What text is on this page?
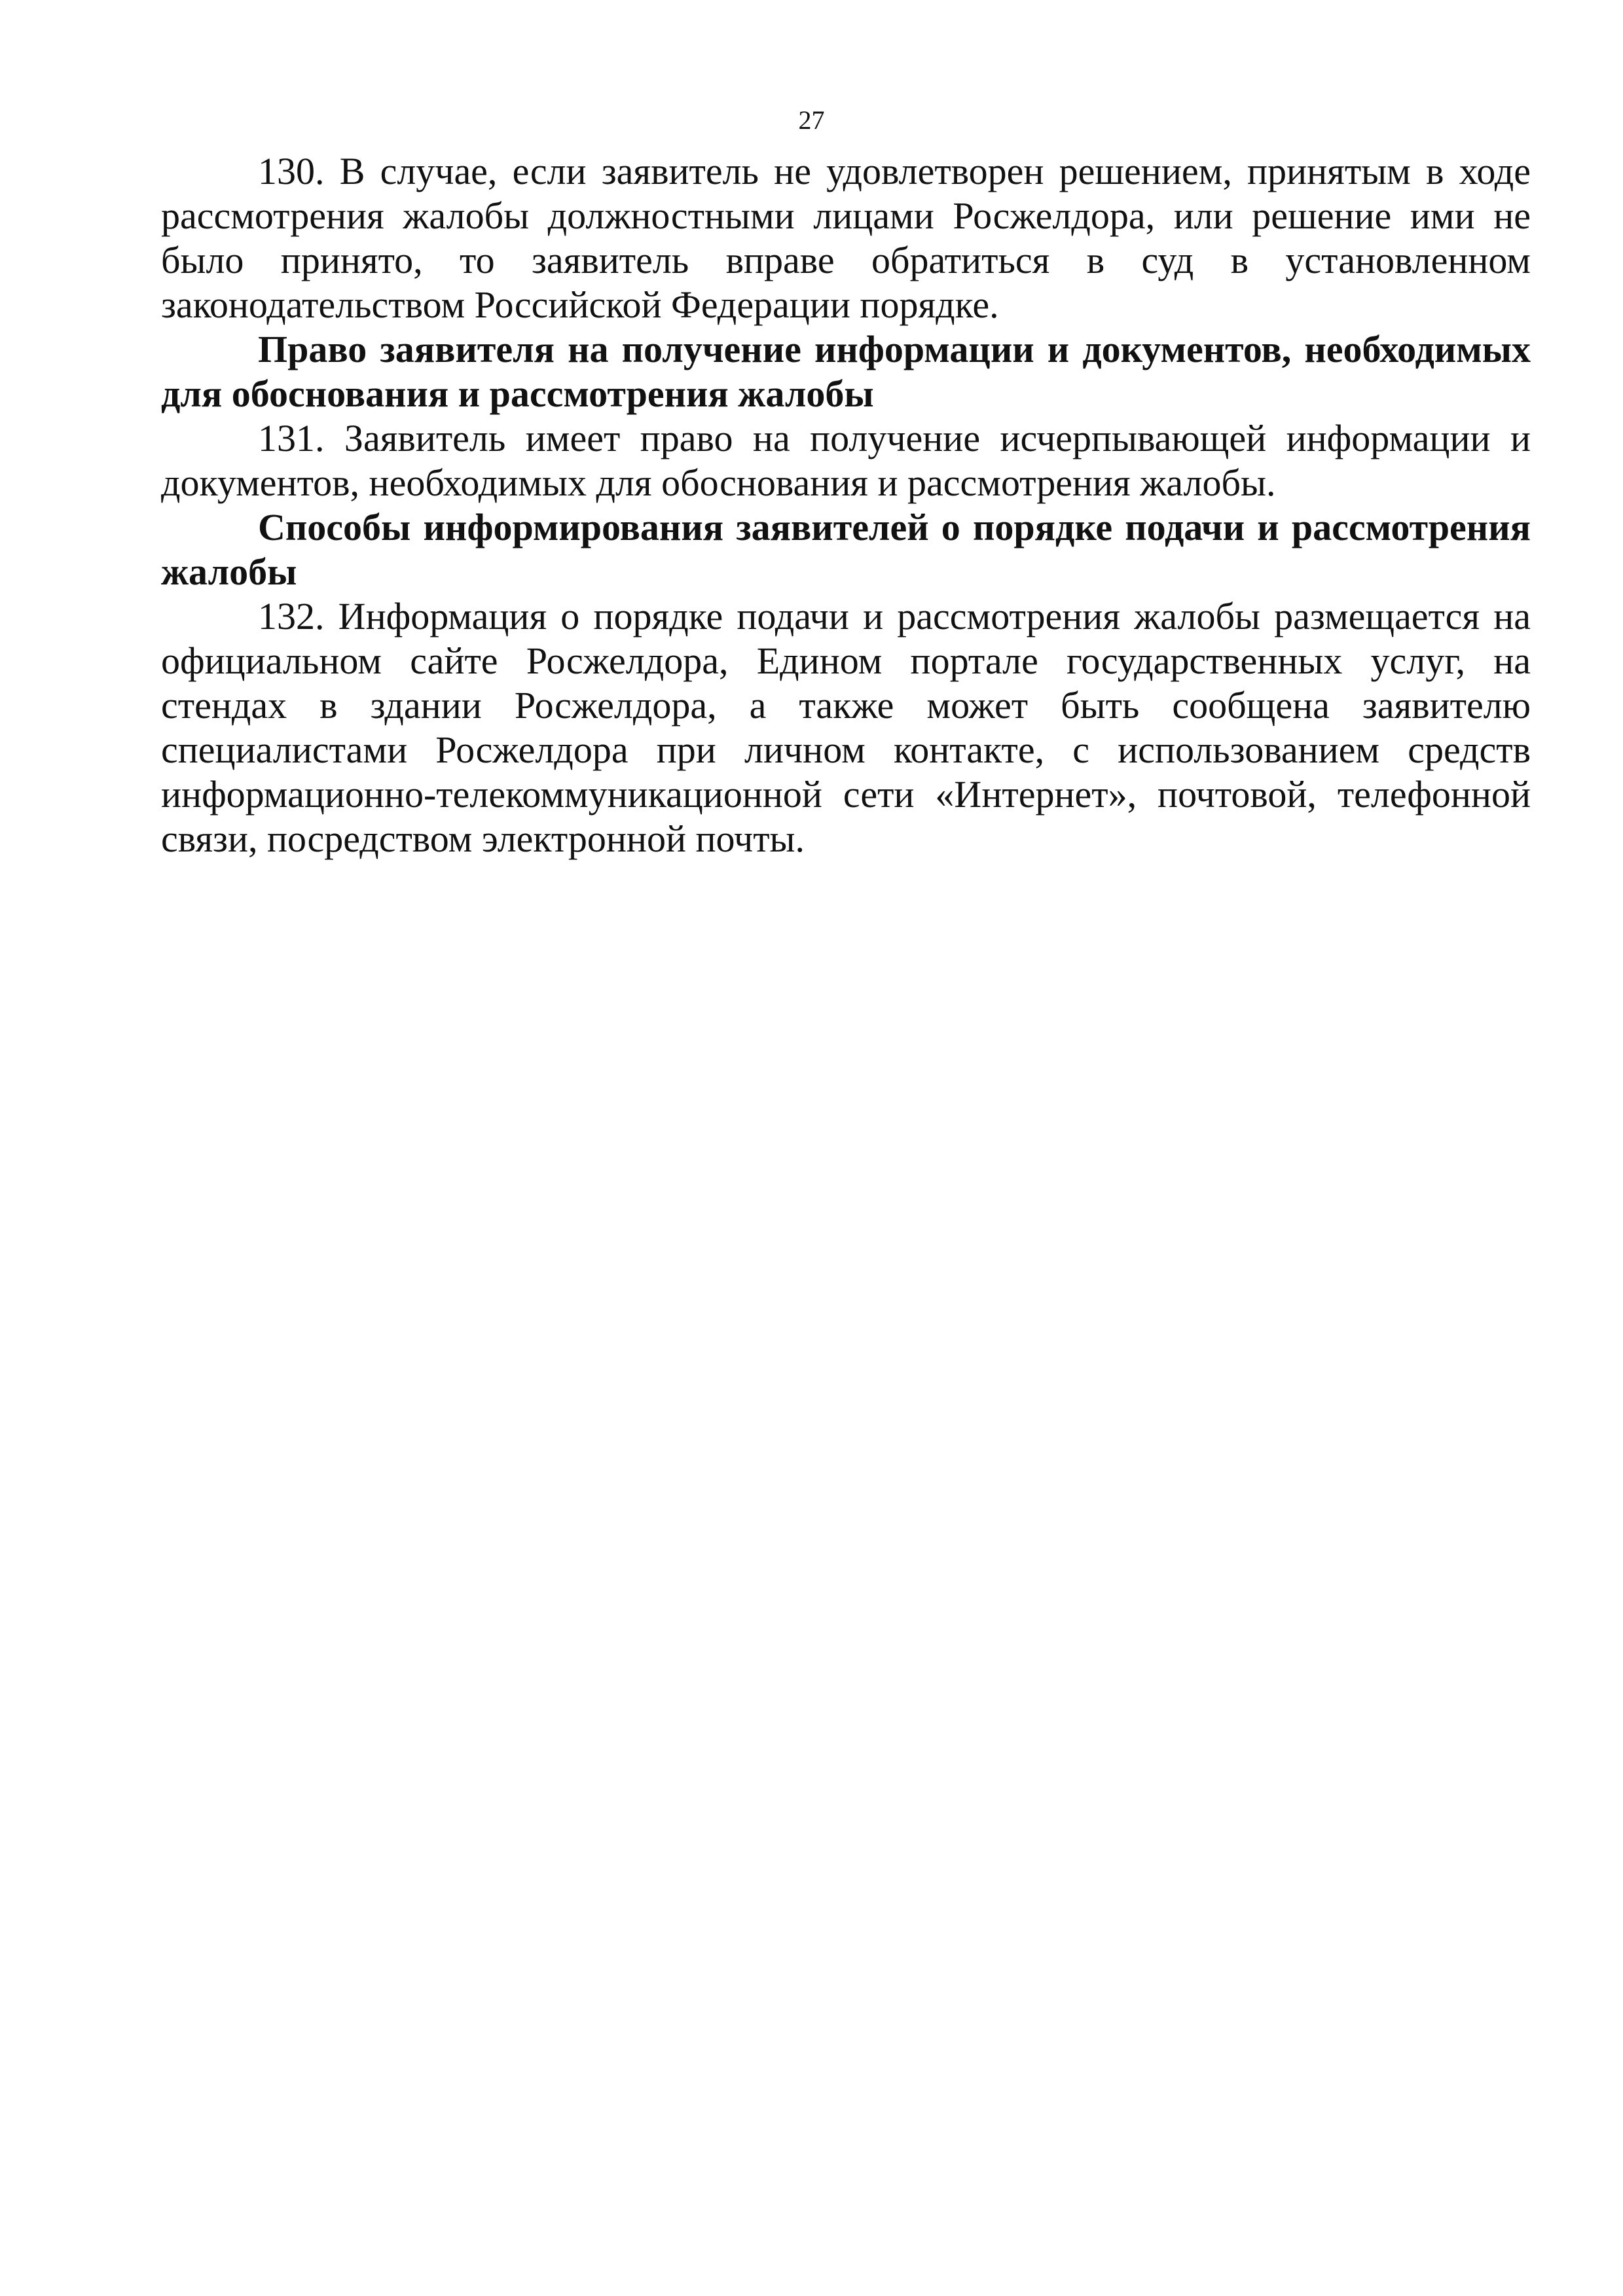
27

130. В случае, если заявитель не удовлетворен решением, принятым в ходе рассмотрения жалобы должностными лицами Росжелдора, или решение ими не было принято, то заявитель вправе обратиться в суд в установленном законодательством Российской Федерации порядке.

Право заявителя на получение информации и документов, необходимых для обоснования и рассмотрения жалобы

131. Заявитель имеет право на получение исчерпывающей информации и документов, необходимых для обоснования и рассмотрения жалобы.

Способы информирования заявителей о порядке подачи и рассмотрения жалобы

132. Информация о порядке подачи и рассмотрения жалобы размещается на официальном сайте Росжелдора, Едином портале государственных услуг, на стендах в здании Росжелдора, а также может быть сообщена заявителю специалистами Росжелдора при личном контакте, с использованием средств информационно-телекоммуникационной сети «Интернет», почтовой, телефонной связи, посредством электронной почты.
